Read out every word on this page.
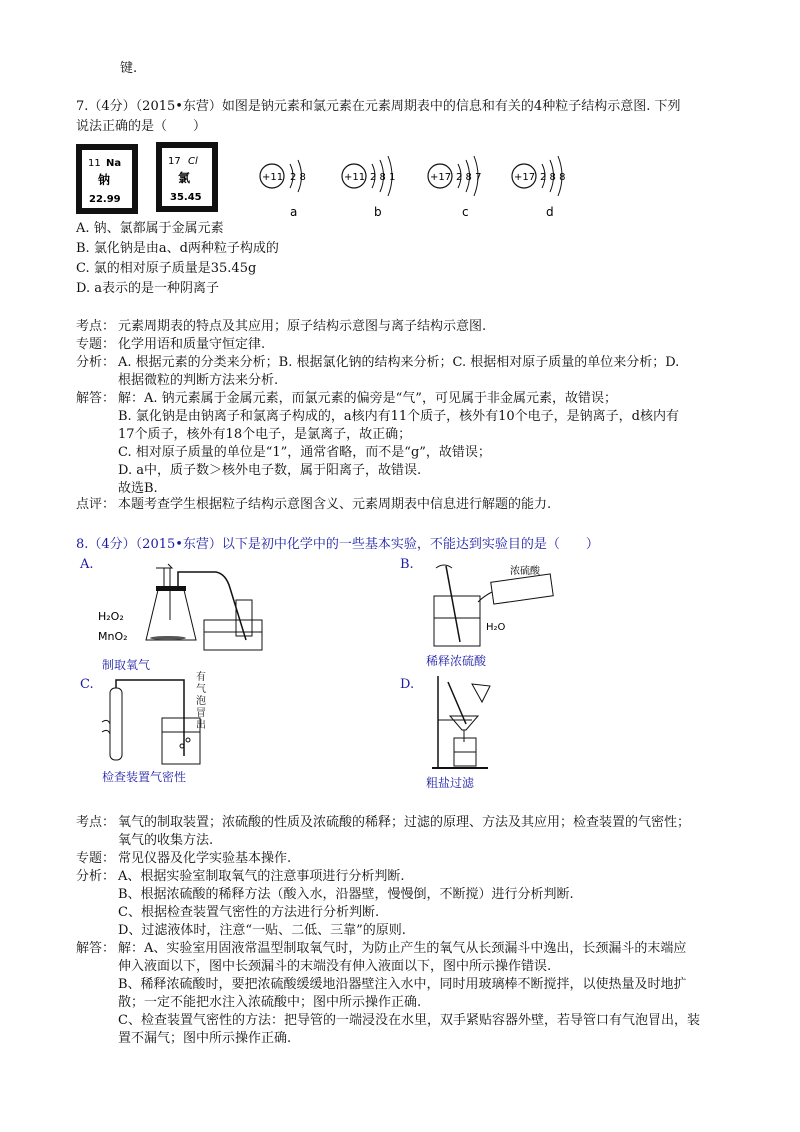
键.
7.（4分）（2015•东营）如图是钠元素和氯元素在元素周期表中的信息和有关的4种粒子结构示意图. 下列
说法正确的是（　　）
11 Na
钠
22.99
17 Cl
氯
35.45
+11 2 8
a
+11 2 8 1
b
+17 2 8 7
c
+17 2 8 8
d
A. 钠、氯都属于金属元素
B. 氯化钠是由a、d两种粒子构成的
C. 氯的相对原子质量是35.45g
D. a表示的是一种阴离子
考点： 元素周期表的特点及其应用；原子结构示意图与离子结构示意图.
专题： 化学用语和质量守恒定律.
分析： A. 根据元素的分类来分析；B. 根据氯化钠的结构来分析；C. 根据相对原子质量的单位来分析；D.
根据微粒的判断方法来分析.
解答： 解：A. 钠元素属于金属元素，而氯元素的偏旁是“气”，可见属于非金属元素，故错误；
B. 氯化钠是由钠离子和氯离子构成的，a核内有11个质子，核外有10个电子，是钠离子，d核内有
17个质子，核外有18个电子，是氯离子，故正确；
C. 相对原子质量的单位是“1”，通常省略，而不是“g”，故错误；
D. a中，质子数＞核外电子数，属于阳离子，故错误.
故选B.
点评： 本题考查学生根据粒子结构示意图含义、元素周期表中信息进行解题的能力.
8.（4分）（2015•东营）以下是初中化学中的一些基本实验，不能达到实验目的是（　　）
A.	B.
H₂O₂
MnO₂
制取氧气
浓硫酸
H₂O
稀释浓硫酸
C.	D.
有气泡冒出
检查装置气密性	粗盐过滤
考点： 氧气的制取装置；浓硫酸的性质及浓硫酸的稀释；过滤的原理、方法及其应用；检查装置的气密性；
氧气的收集方法.
专题： 常见仪器及化学实验基本操作.
分析： A、根据实验室制取氧气的注意事项进行分析判断.
B、根据浓硫酸的稀释方法（酸入水，沿器壁，慢慢倒，不断搅）进行分析判断.
C、根据检查装置气密性的方法进行分析判断.
D、过滤液体时，注意“一贴、二低、三靠”的原则.
解答： 解：A、实验室用固液常温型制取氧气时，为防止产生的氧气从长颈漏斗中逸出，长颈漏斗的末端应
伸入液面以下，图中长颈漏斗的末端没有伸入液面以下，图中所示操作错误.
B、稀释浓硫酸时，要把浓硫酸缓缓地沿器壁注入水中，同时用玻璃棒不断搅拌，以使热量及时地扩
散；一定不能把水注入浓硫酸中；图中所示操作正确.
C、检查装置气密性的方法：把导管的一端浸没在水里，双手紧贴容器外壁，若导管口有气泡冒出，装
置不漏气；图中所示操作正确.
